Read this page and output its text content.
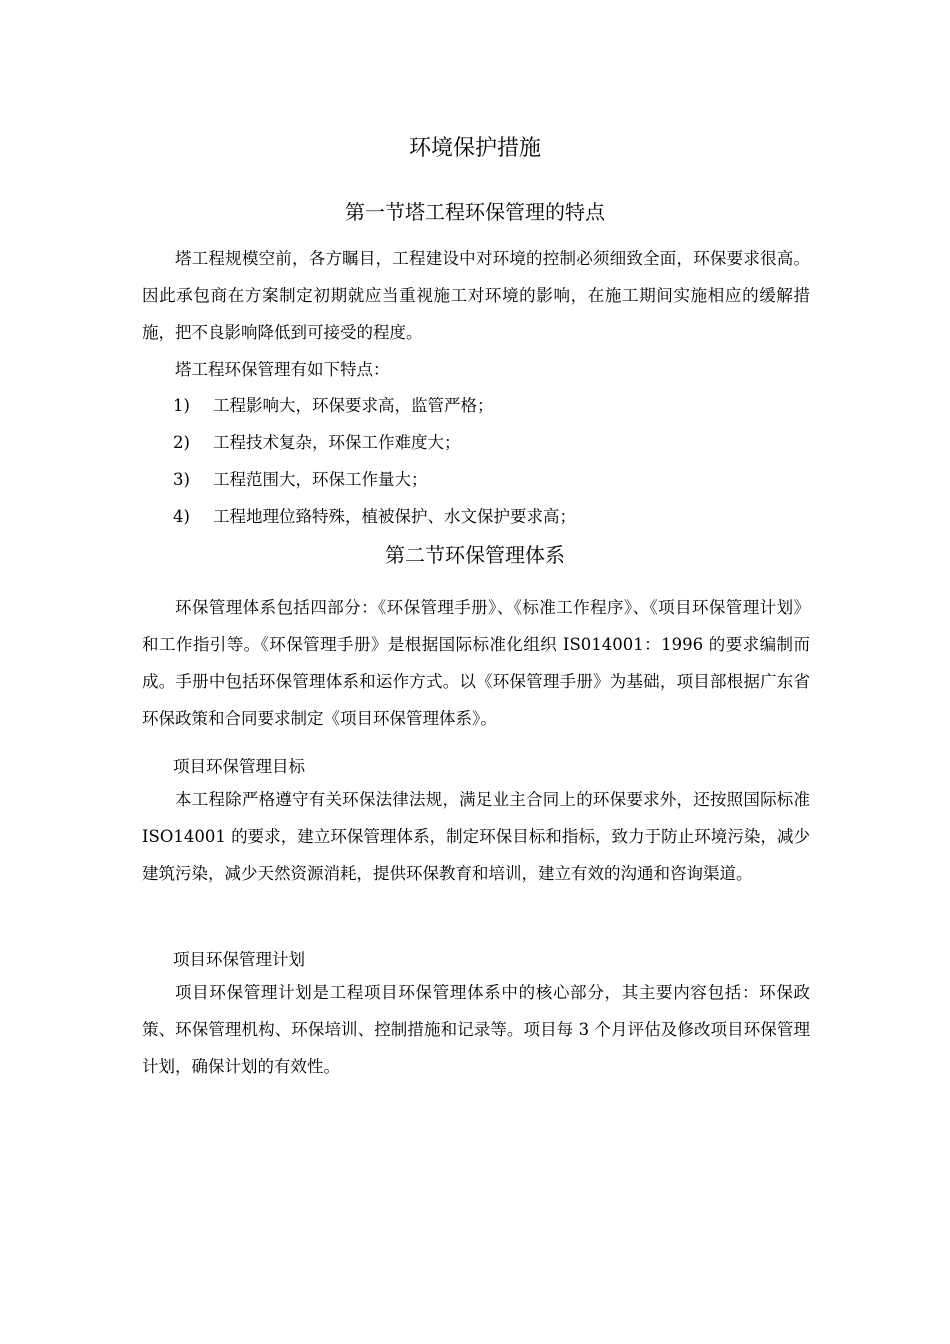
环境保护措施
第一节塔工程环保管理的特点

塔工程规模空前，各方瞩目，工程建设中对环境的控制必须细致全面，环保要求很高。因此承包商在方案制定初期就应当重视施工对环境的影响，在施工期间实施相应的缓解措施，把不良影响降低到可接受的程度。

塔工程环保管理有如下特点：

1) 工程影响大，环保要求高，监管严格；

2) 工程技术复杂，环保工作难度大；

3) 工程范围大，环保工作量大；

4) 工程地理位臵特殊，植被保护、水文保护要求高；

第二节环保管理体系

环保管理体系包括四部分：《环保管理手册》、《标准工作程序》、《项目环保管理计划》和工作指引等。《环保管理手册》是根据国际标准化组织 IS014001：1996 的要求编制而成。手册中包括环保管理体系和运作方式。以《环保管理手册》为基础，项目部根据广东省环保政策和合同要求制定《项目环保管理体系》。

项目环保管理目标

本工程除严格遵守有关环保法律法规，满足业主合同上的环保要求外，还按照国际标准 ISO14001 的要求，建立环保管理体系，制定环保目标和指标，致力于防止环境污染，减少建筑污染，减少天然资源消耗，提供环保教育和培训，建立有效的沟通和咨询渠道。

项目环保管理计划

项目环保管理计划是工程项目环保管理体系中的核心部分，其主要内容包括：环保政策、环保管理机构、环保培训、控制措施和记录等。项目每 3 个月评估及修改项目环保管理计划，确保计划的有效性。
